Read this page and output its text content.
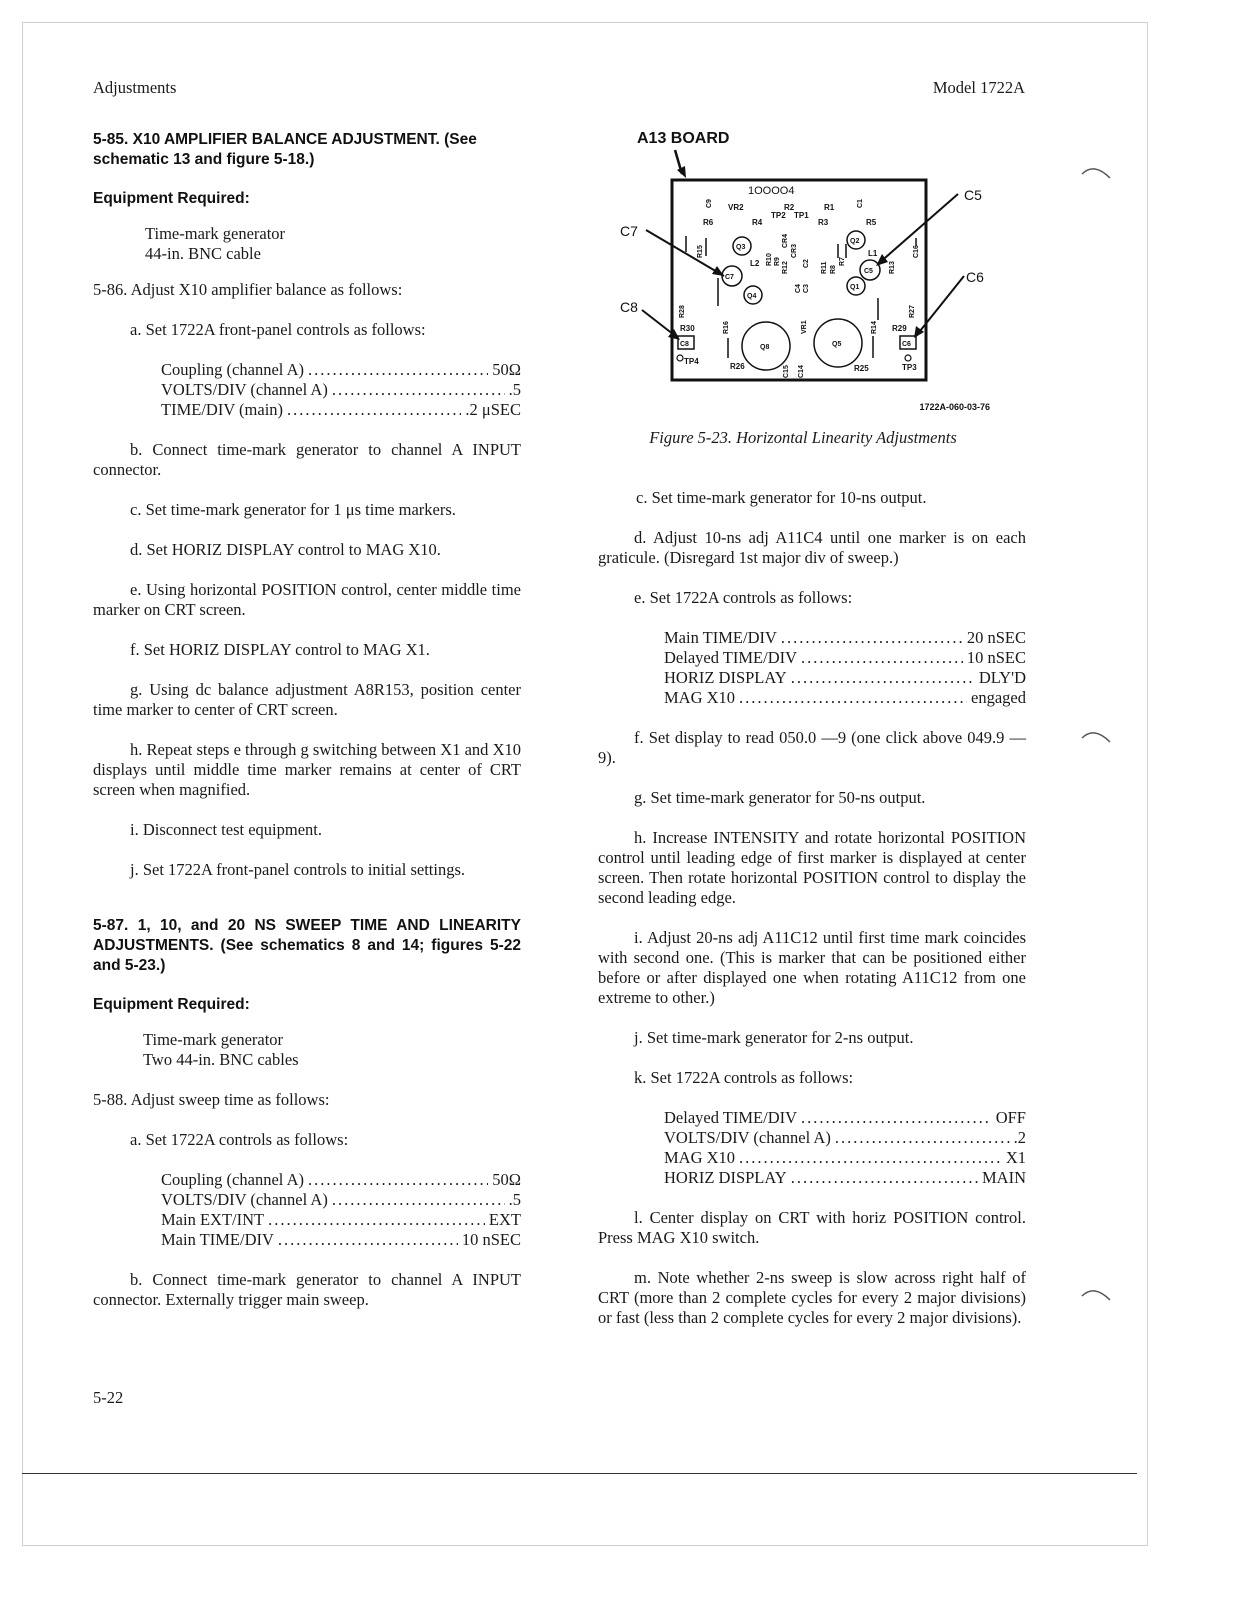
Adjustments	Model 1722A

5-85. X10 AMPLIFIER BALANCE ADJUSTMENT. (See schematic 13 and figure 5-18.)

Equipment Required:

Time-mark generator

44-in. BNC cable

5-86. Adjust X10 amplifier balance as follows:

a. Set 1722A front-panel controls as follows:

Coupling (channel A) .....	50Ω
VOLTS/DIV (channel A) .....	.5
TIME/DIV (main) .....	.2 μSEC

b. Connect time-mark generator to channel A INPUT connector.

c. Set time-mark generator for 1 μs time markers.

d. Set HORIZ DISPLAY control to MAG X10.

e. Using horizontal POSITION control, center middle time marker on CRT screen.

f. Set HORIZ DISPLAY control to MAG X1.

g. Using dc balance adjustment A8R153, position center time marker to center of CRT screen.

h. Repeat steps e through g switching between X1 and X10 displays until middle time marker remains at center of CRT screen when magnified.

i. Disconnect test equipment.

j. Set 1722A front-panel controls to initial settings.

5-87. 1, 10, and 20 NS SWEEP TIME AND LINEARITY ADJUSTMENTS. (See schematics 8 and 14; figures 5-22 and 5-23.)

Equipment Required:

Time-mark generator

Two 44-in. BNC cables

5-88. Adjust sweep time as follows:

a. Set 1722A controls as follows:

Coupling (channel A) .....	50Ω
VOLTS/DIV (channel A) .....	.5
Main EXT/INT .....	EXT
Main TIME/DIV .....	10 nSEC

b. Connect time-mark generator to channel A INPUT connector. Externally trigger main sweep.

A13 BOARD
1OOOO4
VR2	R2	R1
TP2 TP1
R6	R4	R3	R5
C9	C1
Q3
Q2
L2
L1
R10 R9 R12
CR4
CR3
C2
C3
C4
R11 R8
R7	R13
C16
R15
C7
C5
Q4
Q1
R28	R27
R30	R29
R16	R14
VR1
Q8	Q5
C8	C6
TP4
R26	R25	TP3
C15 C14
C7
C8
C5
C6
1722A-060-03-76

Figure 5-23. Horizontal Linearity Adjustments

c. Set time-mark generator for 10-ns output.

d. Adjust 10-ns adj A11C4 until one marker is on each graticule. (Disregard 1st major div of sweep.)

e. Set 1722A controls as follows:

Main TIME/DIV .....	20 nSEC
Delayed TIME/DIV .....	10 nSEC
HORIZ DISPLAY .....	DLY'D
MAG X10 .....	engaged

f. Set display to read 050.0 —9 (one click above 049.9 —9).

g. Set time-mark generator for 50-ns output.

h. Increase INTENSITY and rotate horizontal POSITION control until leading edge of first marker is displayed at center screen. Then rotate horizontal POSITION control to display the second leading edge.

i. Adjust 20-ns adj A11C12 until first time mark coincides with second one. (This is marker that can be positioned either before or after displayed one when rotating A11C12 from one extreme to other.)

j. Set time-mark generator for 2-ns output.

k. Set 1722A controls as follows:

Delayed TIME/DIV .....	OFF
VOLTS/DIV (channel A) .....	.2
MAG X10 .....	X1
HORIZ DISPLAY .....	MAIN

l. Center display on CRT with horiz POSITION control. Press MAG X10 switch.

m. Note whether 2-ns sweep is slow across right half of CRT (more than 2 complete cycles for every 2 major divisions) or fast (less than 2 complete cycles for every 2 major divisions).

5-22
